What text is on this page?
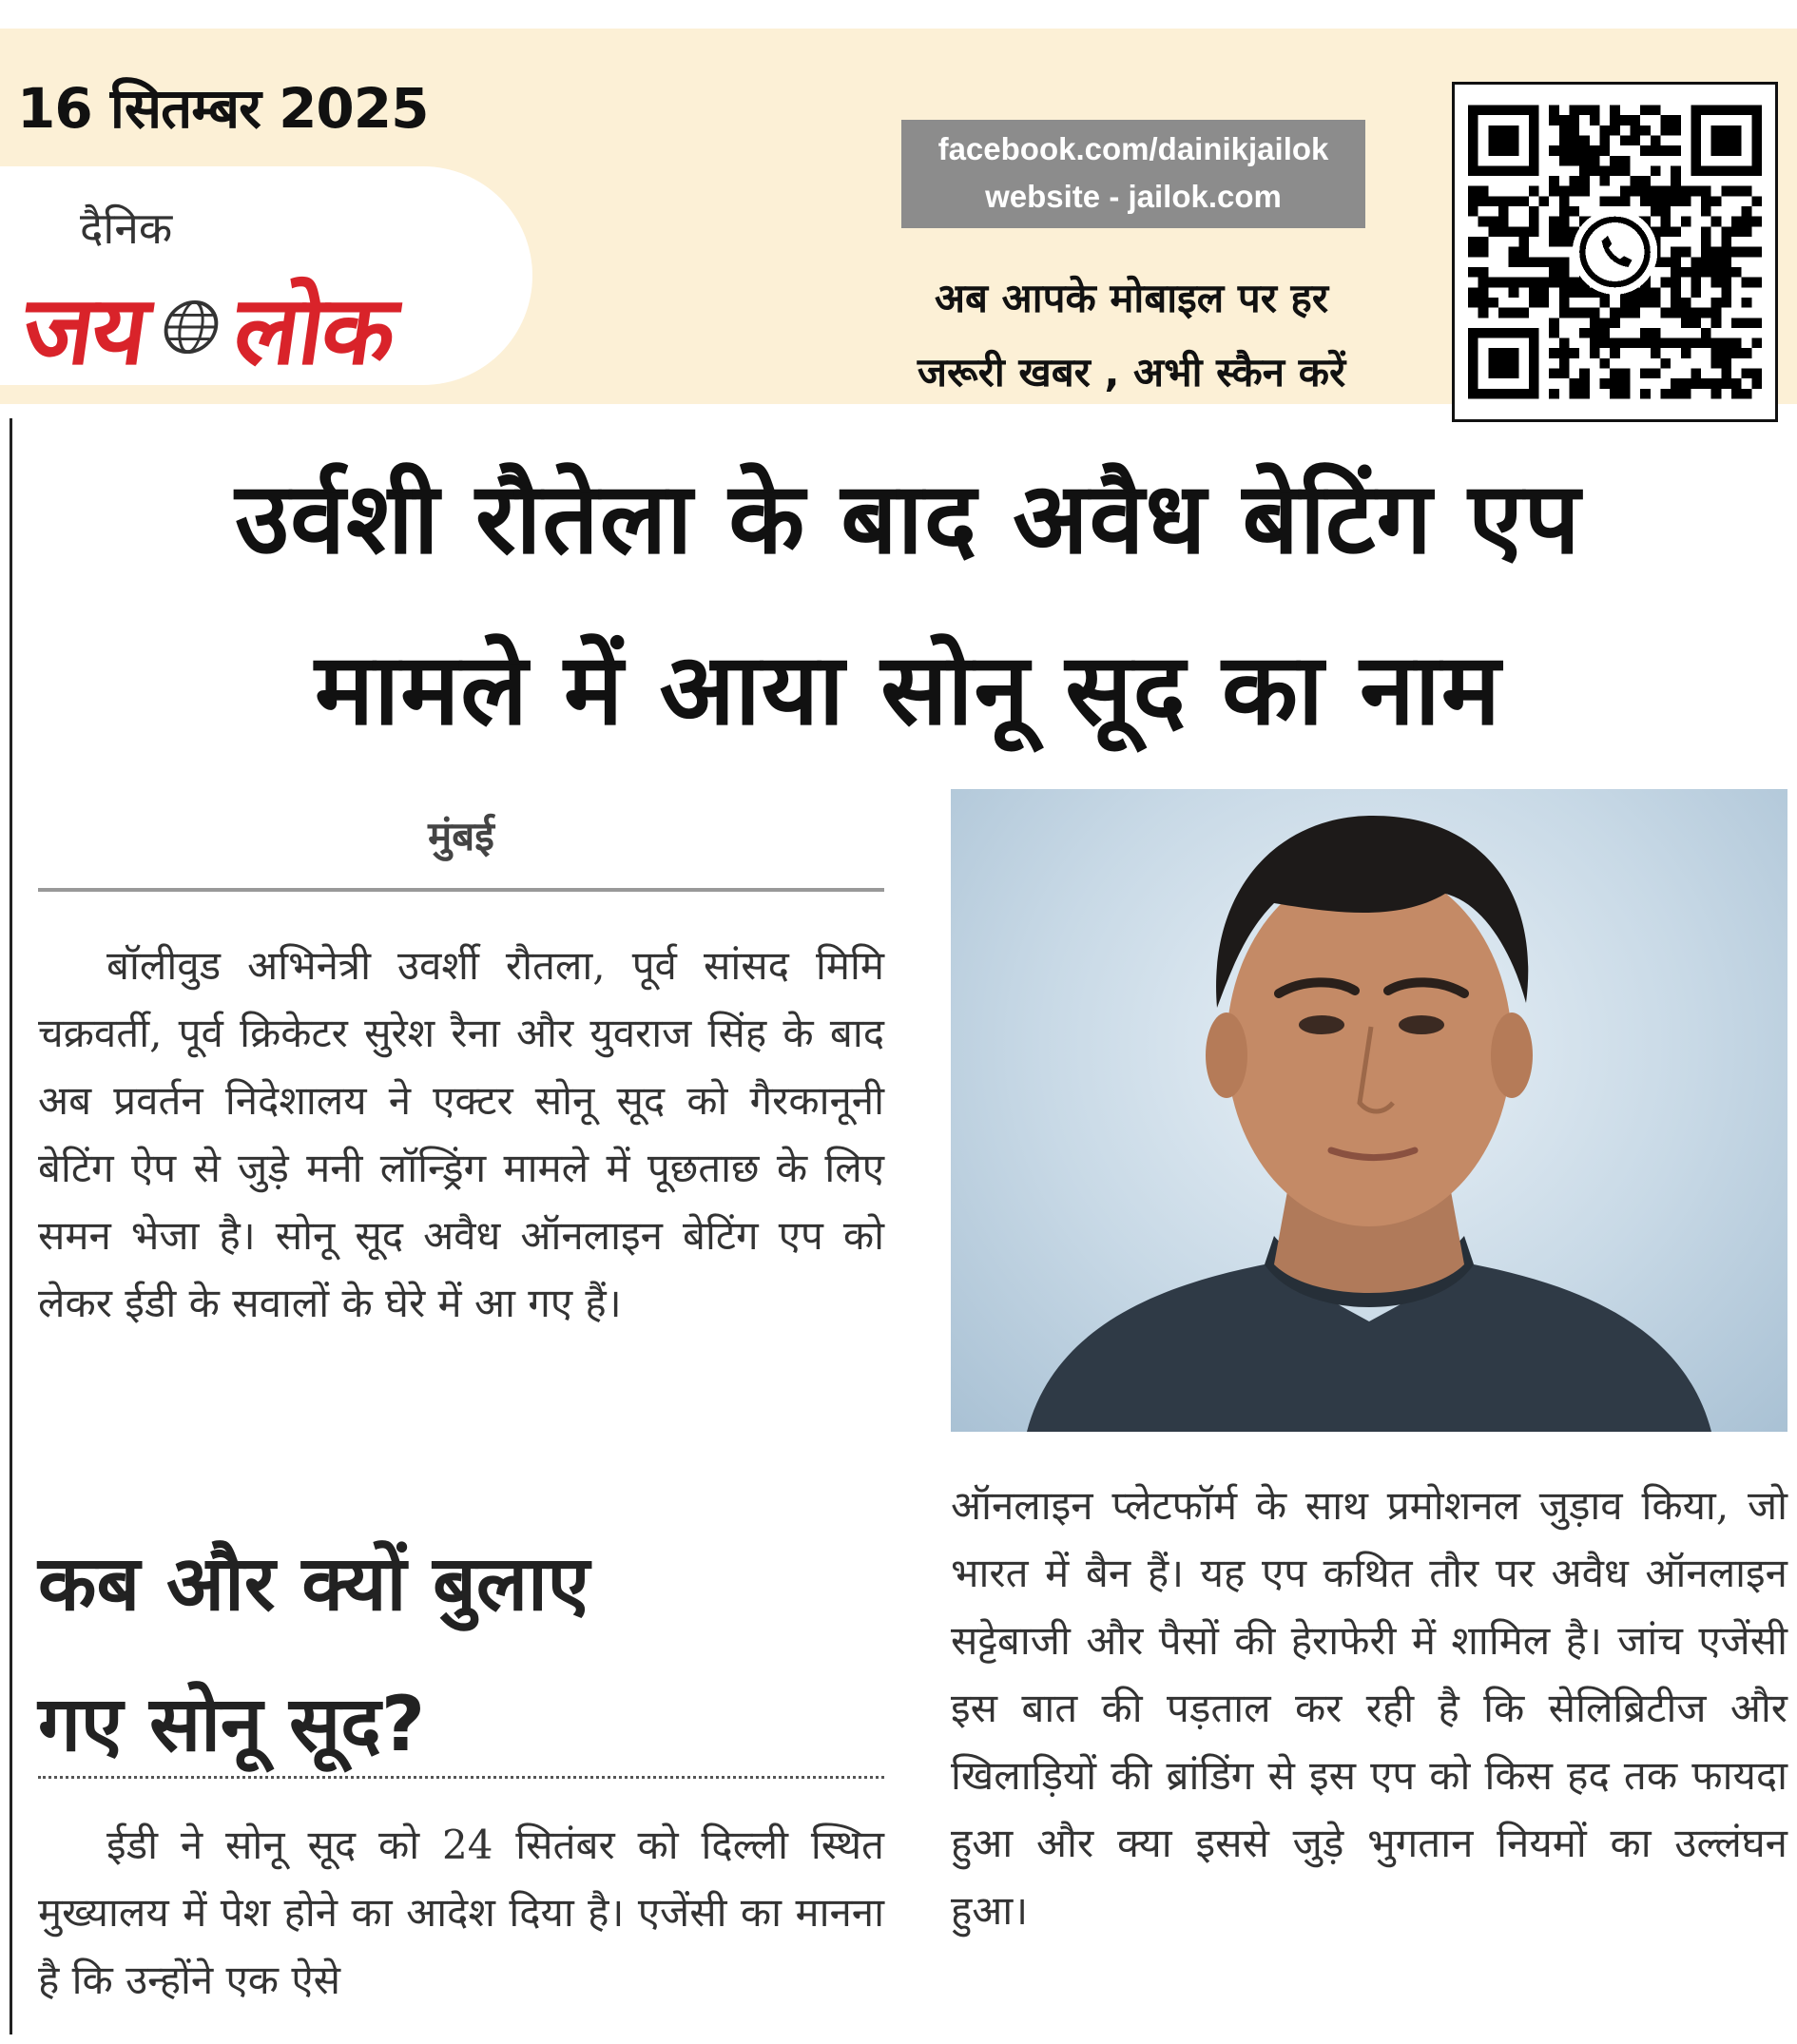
16 सितम्बर 2025
दैनिक
जय लोक
facebook.com/dainikjailok
website - jailok.com
अब आपके मोबाइल पर हर
जरूरी खबर , अभी स्कैन करें
उर्वशी रौतेला के बाद अवैध बेटिंग एप
मामले में आया सोनू सूद का नाम
मुंबई
बॉलीवुड अभिनेत्री उवर्शी रौतला, पूर्व सांसद मिमि चक्रवर्ती, पूर्व क्रिकेटर सुरेश रैना और युवराज सिंह के बाद अब प्रवर्तन निदेशालय ने एक्टर सोनू सूद को गैरकानूनी बेटिंग ऐप से जुड़े मनी लॉन्ड्रिंग मामले में पूछताछ के लिए समन भेजा है। सोनू सूद अवैध ऑनलाइन बेटिंग एप को लेकर ईडी के सवालों के घेरे में आ गए हैं।
कब और क्यों बुलाए
गए सोनू सूद?
ईडी ने सोनू सूद को 24 सितंबर को दिल्ली स्थित मुख्यालय में पेश होने का आदेश दिया है। एजेंसी का मानना है कि उन्होंने एक ऐसे
ऑनलाइन प्लेटफॉर्म के साथ प्रमोशनल जुड़ाव किया, जो भारत में बैन हैं। यह एप कथित तौर पर अवैध ऑनलाइन सट्टेबाजी और पैसों की हेराफेरी में शामिल है। जांच एजेंसी इस बात की पड़ताल कर रही है कि सेलिब्रिटीज और खिलाड़ियों की ब्रांडिंग से इस एप को किस हद तक फायदा हुआ और क्या इससे जुड़े भुगतान नियमों का उल्लंघन हुआ।
